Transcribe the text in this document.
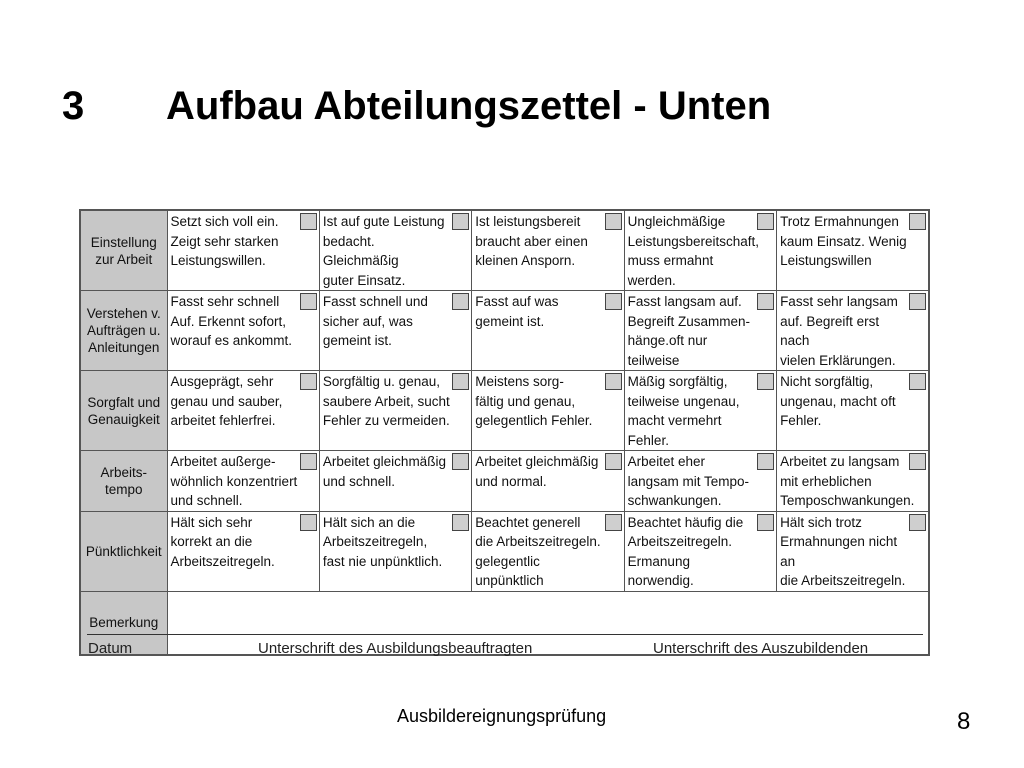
3 Aufbau Abteilungszettel - Unten
Einstellung
zur Arbeit	Setzt sich voll ein.
Zeigt sehr starken
Leistungswillen.	Ist auf gute Leistung
bedacht. Gleichmäßig
guter Einsatz.	Ist leistungsbereit
braucht aber einen
kleinen Ansporn.	Ungleichmäßige
Leistungsbereitschaft,
muss ermahnt werden.	Trotz Ermahnungen
kaum Einsatz. Wenig
Leistungswillen

Verstehen v.
Aufträgen u.
Anleitungen	Fasst sehr schnell
Auf. Erkennt sofort,
worauf es ankommt.	Fasst schnell und
sicher auf, was
gemeint ist.	Fasst auf was
gemeint ist.	Fasst langsam auf.
Begreift Zusammen-
hänge.oft nur teilweise	Fasst sehr langsam
auf. Begreift erst nach
vielen Erklärungen.

Sorgfalt und
Genauigkeit	Ausgeprägt, sehr
genau und sauber,
arbeitet fehlerfrei.	Sorgfältig u. genau,
saubere Arbeit, sucht
Fehler zu vermeiden.	Meistens sorg-
fältig und genau,
gelegentlich Fehler.	Mäßig sorgfältig,
teilweise ungenau,
macht vermehrt Fehler.	Nicht sorgfältig,
ungenau, macht oft
Fehler.

Arbeits-
tempo	Arbeitet außerge-
wöhnlich konzentriert
und schnell.	Arbeitet gleichmäßig
und schnell.	Arbeitet gleichmäßig
und normal.	Arbeitet eher
langsam mit Tempo-
schwankungen.	Arbeitet zu langsam
mit erheblichen
Temposchwankungen.

Pünktlichkeit	Hält sich sehr
korrekt an die
Arbeitszeitregeln.	Hält sich an die
Arbeitszeitregeln,
fast nie unpünktlich.	Beachtet generell
die Arbeitszeitregeln.
gelegentlic unpünktlich	Beachtet häufig die
Arbeitszeitregeln.
Ermanung norwendig.	Hält sich trotz
Ermahnungen nicht an
die Arbeitszeitregeln.

Bemerkung					
Datum	Unterschrift des Ausbildungsbeauftragten	Unterschrift des Auszubildenden
Ausbildereignungsprüfung	8
